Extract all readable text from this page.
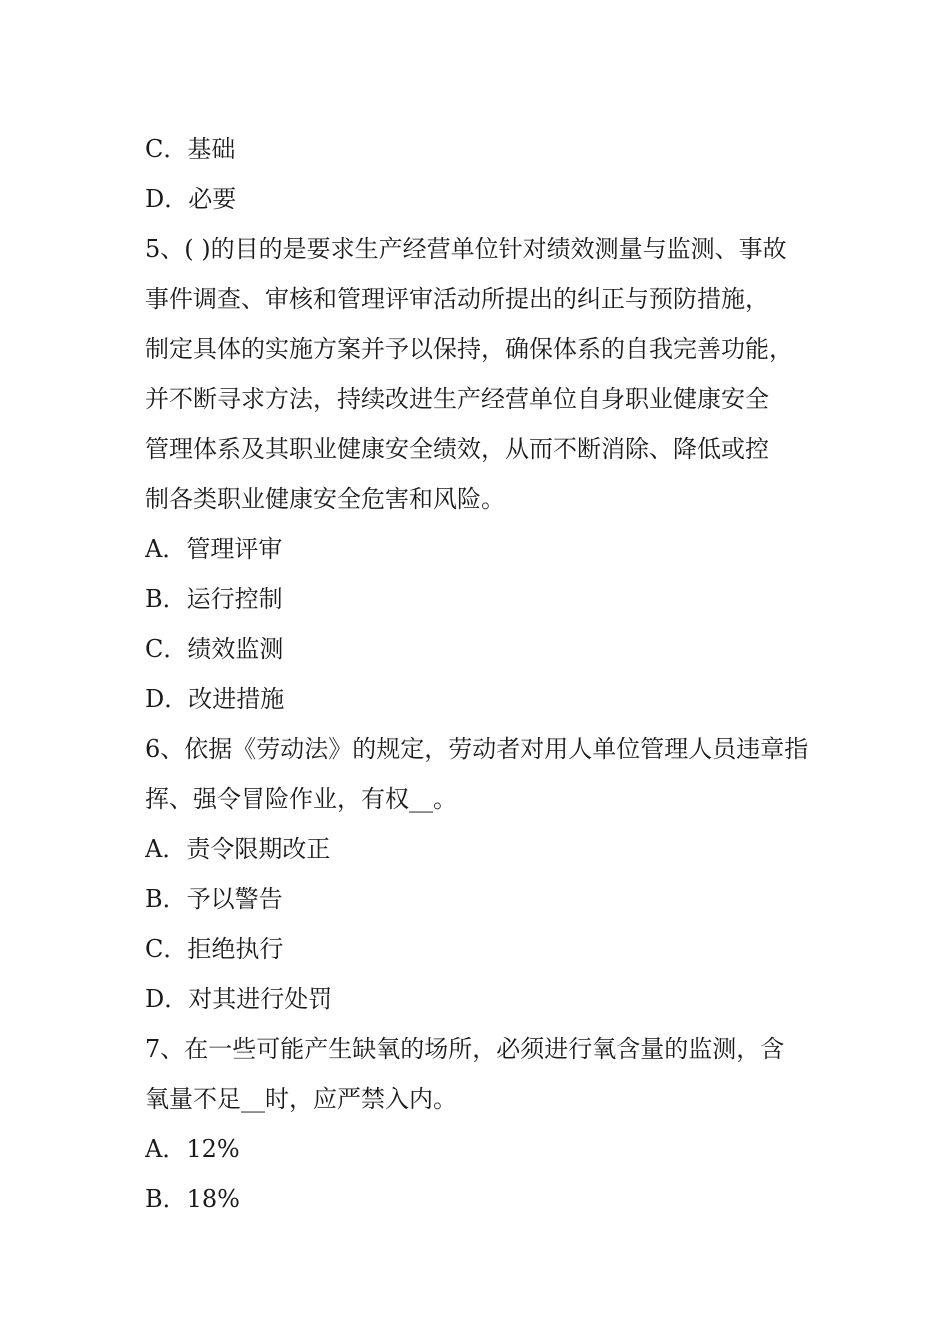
C．基础
D．必要
5、( )的目的是要求生产经营单位针对绩效测量与监测、事故
事件调查、审核和管理评审活动所提出的纠正与预防措施，
制定具体的实施方案并予以保持，确保体系的自我完善功能，
并不断寻求方法，持续改进生产经营单位自身职业健康安全
管理体系及其职业健康安全绩效，从而不断消除、降低或控
制各类职业健康安全危害和风险。
A．管理评审
B．运行控制
C．绩效监测
D．改进措施
6、依据《劳动法》的规定，劳动者对用人单位管理人员违章指
挥、强令冒险作业，有权__。
A．责令限期改正
B．予以警告
C．拒绝执行
D．对其进行处罚
7、在一些可能产生缺氧的场所，必须进行氧含量的监测，含
氧量不足__时，应严禁入内。
A．12%
B．18%
